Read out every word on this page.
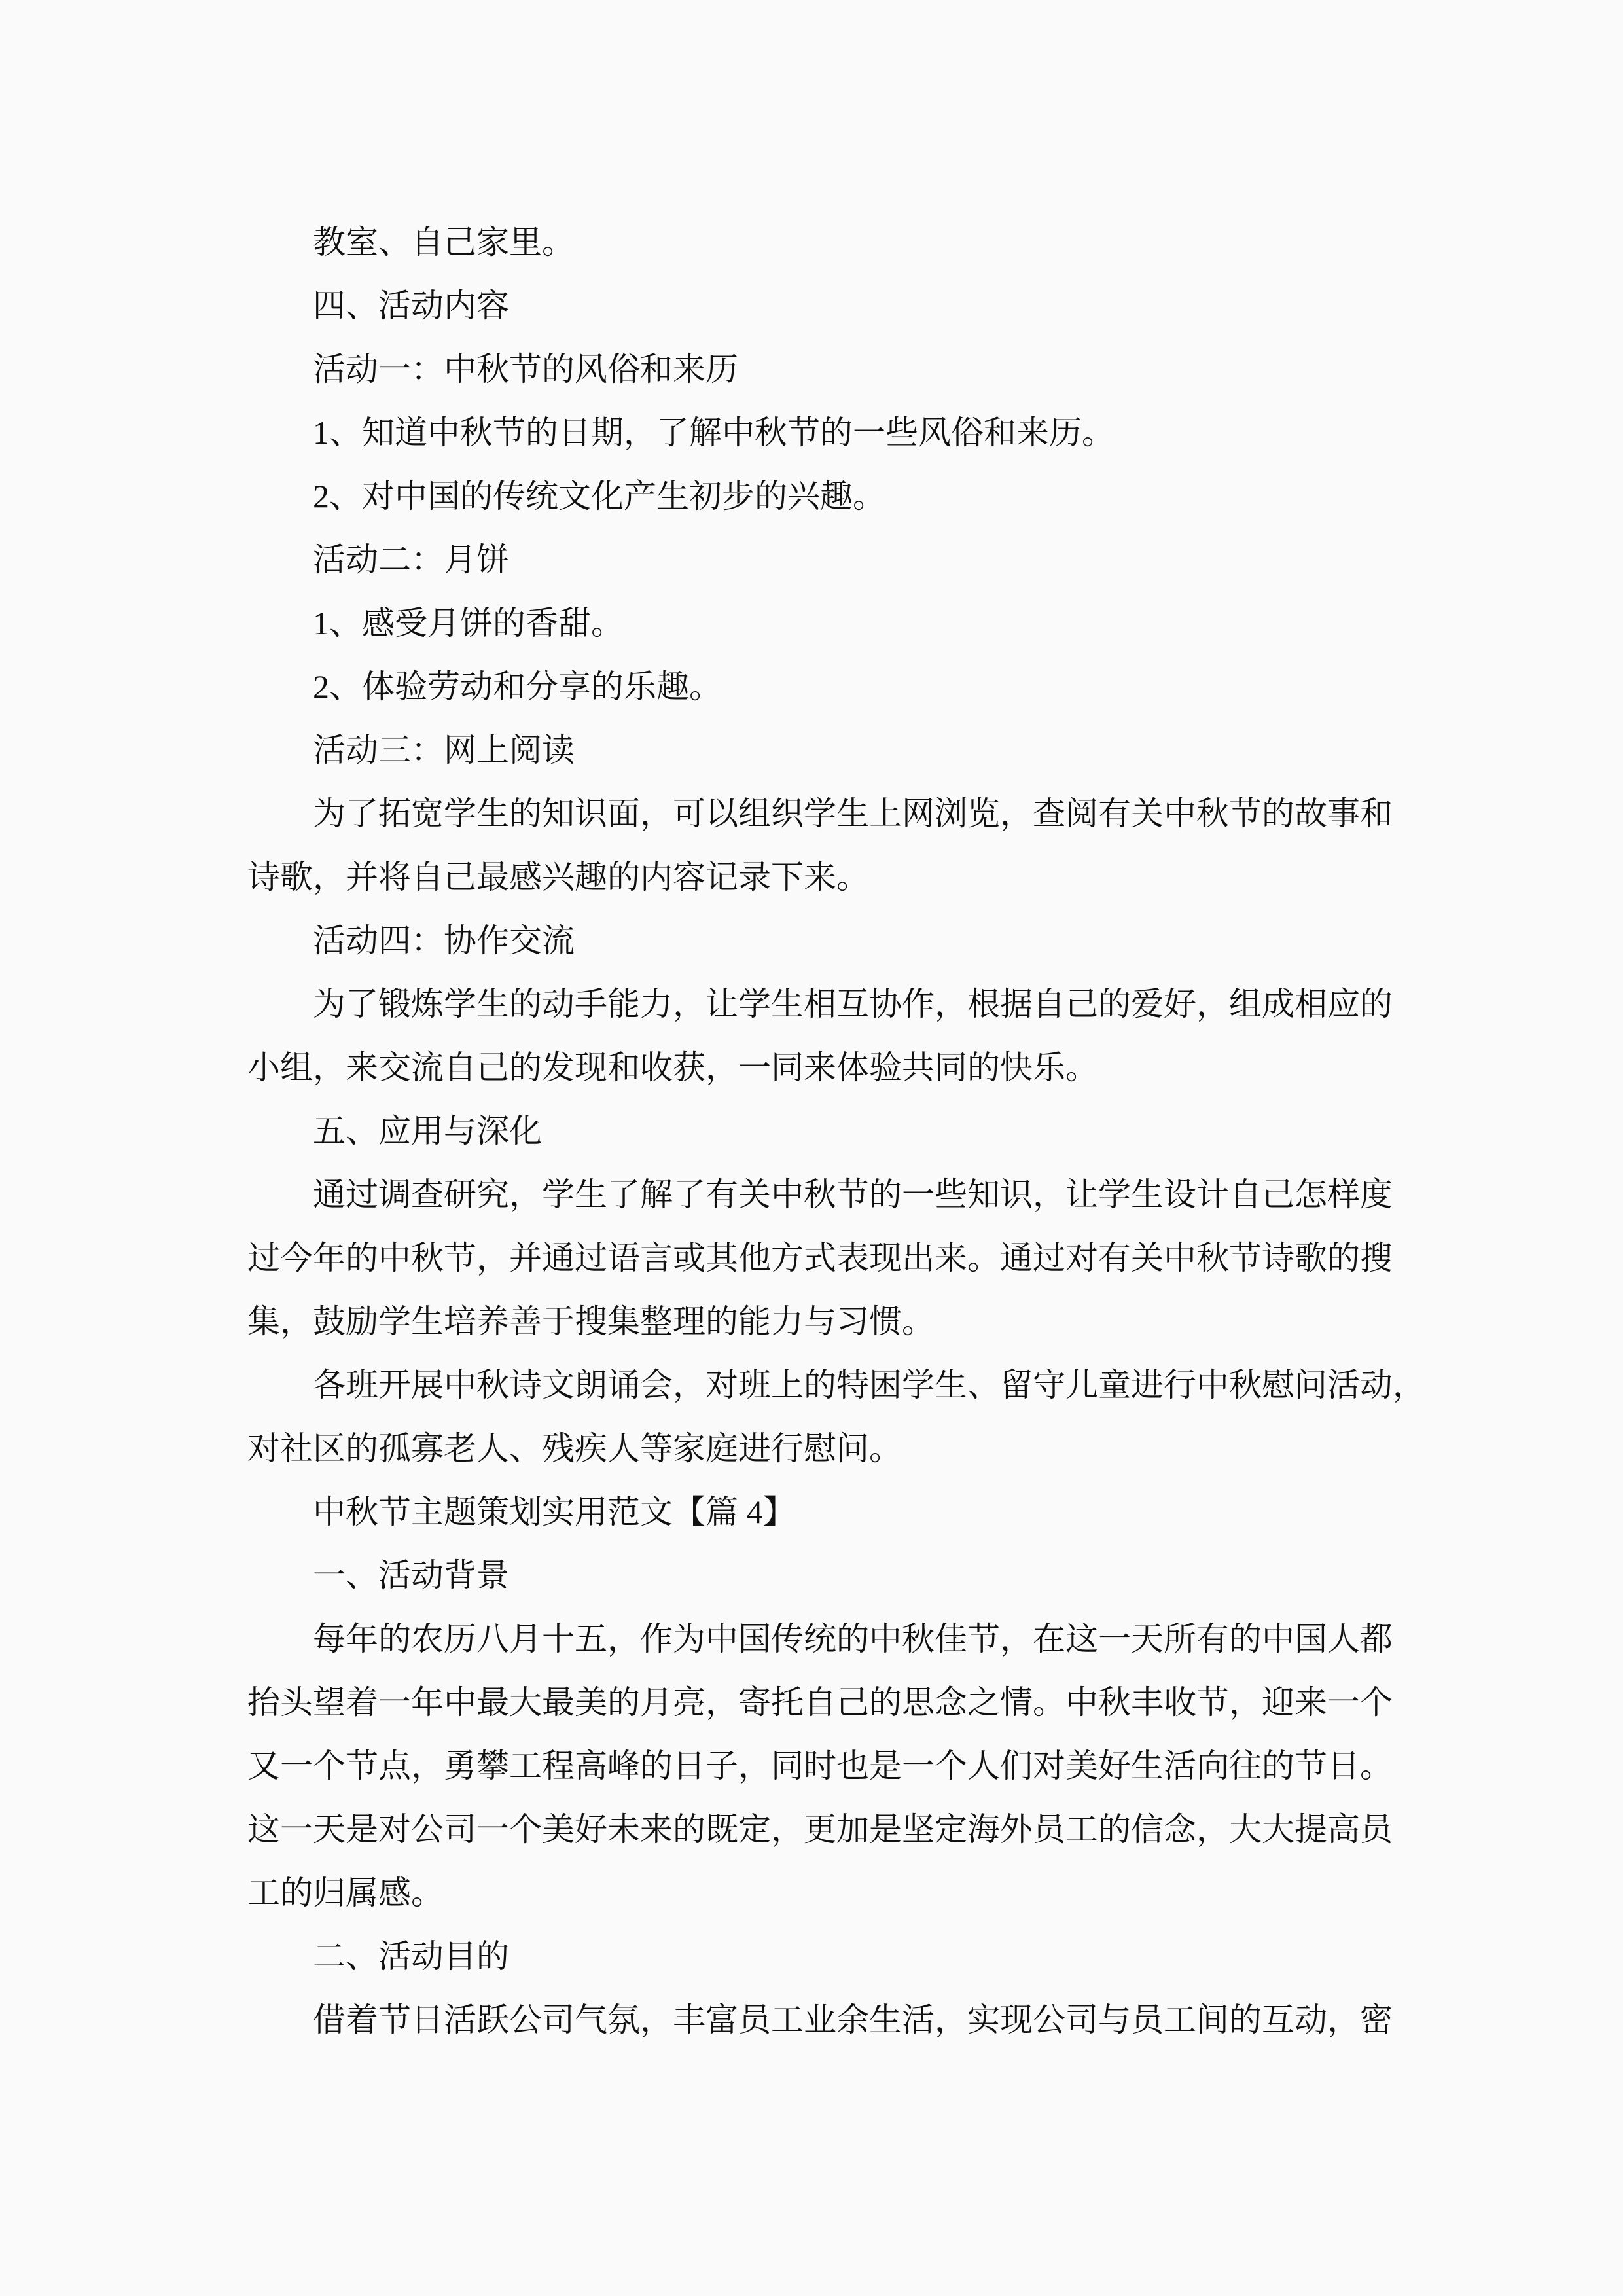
教室、自己家里。
四、活动内容
活动一：中秋节的风俗和来历
1、知道中秋节的日期，了解中秋节的一些风俗和来历。
2、对中国的传统文化产生初步的兴趣。
活动二：月饼
1、感受月饼的香甜。
2、体验劳动和分享的乐趣。
活动三：网上阅读
为了拓宽学生的知识面，可以组织学生上网浏览，查阅有关中秋节的故事和
诗歌，并将自己最感兴趣的内容记录下来。
活动四：协作交流
为了锻炼学生的动手能力，让学生相互协作，根据自己的爱好，组成相应的
小组，来交流自己的发现和收获，一同来体验共同的快乐。
五、应用与深化
通过调查研究，学生了解了有关中秋节的一些知识，让学生设计自己怎样度
过今年的中秋节，并通过语言或其他方式表现出来。通过对有关中秋节诗歌的搜
集，鼓励学生培养善于搜集整理的能力与习惯。
各班开展中秋诗文朗诵会，对班上的特困学生、留守儿童进行中秋慰问活动，
对社区的孤寡老人、残疾人等家庭进行慰问。
中秋节主题策划实用范文【篇 4】
一、活动背景
每年的农历八月十五，作为中国传统的中秋佳节，在这一天所有的中国人都
抬头望着一年中最大最美的月亮，寄托自己的思念之情。中秋丰收节，迎来一个
又一个节点，勇攀工程高峰的日子，同时也是一个人们对美好生活向往的节日。
这一天是对公司一个美好未来的既定，更加是坚定海外员工的信念，大大提高员
工的归属感。
二、活动目的
借着节日活跃公司气氛，丰富员工业余生活，实现公司与员工间的互动，密
